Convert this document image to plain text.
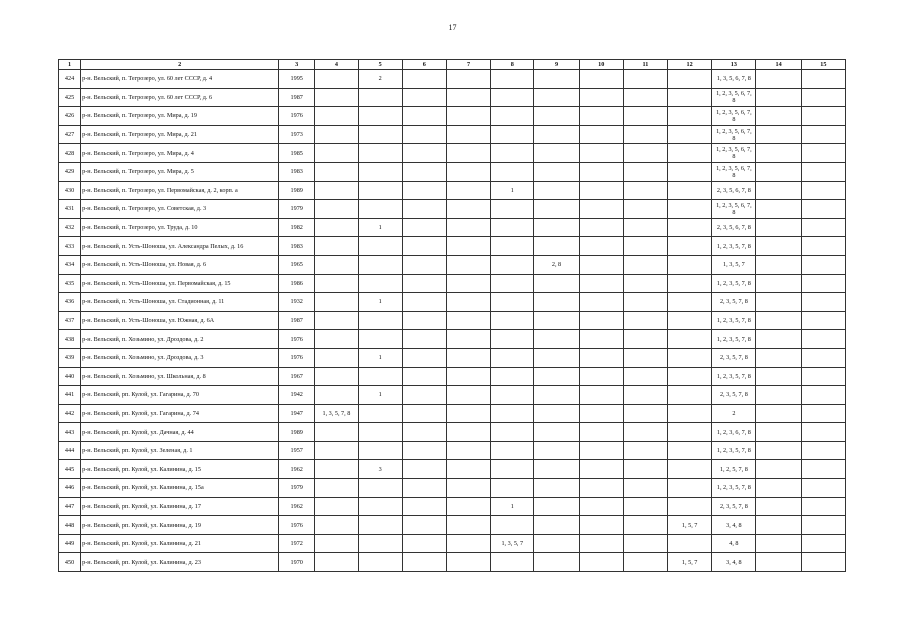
17
1	2	3	4	5	6	7	8	9	10	11	12	13	14	15
424	р-н. Вельский, п. Тегрозеро, ул. 60 лет СССР, д. 4	1995		2								1, 3, 5, 6, 7, 8		
425	р-н. Вельский, п. Тегрозеро, ул. 60 лет СССР, д. 6	1987										1, 2, 3, 5, 6, 7, 8		
426	р-н. Вельский, п. Тегрозеро, ул. Мира, д. 19	1976										1, 2, 3, 5, 6, 7, 8		
427	р-н. Вельский, п. Тегрозеро, ул. Мира, д. 21	1973										1, 2, 3, 5, 6, 7, 8		
428	р-н. Вельский, п. Тегрозеро, ул. Мира, д. 4	1985										1, 2, 3, 5, 6, 7, 8		
429	р-н. Вельский, п. Тегрозеро, ул. Мира, д. 5	1983										1, 2, 3, 5, 6, 7, 8		
430	р-н. Вельский, п. Тегрозеро, ул. Первомайская, д. 2, корп. а	1989					1					2, 3, 5, 6, 7, 8		
431	р-н. Вельский, п. Тегрозеро, ул. Советская, д. 3	1979										1, 2, 3, 5, 6, 7, 8		
432	р-н. Вельский, п. Тегрозеро, ул. Труда, д. 10	1982		1								2, 3, 5, 6, 7, 8		
433	р-н. Вельский, п. Усть-Шоноша, ул. Александра Пелых, д. 16	1983										1, 2, 3, 5, 7, 8		
434	р-н. Вельский, п. Усть-Шоноша, ул. Новая, д. 6	1965						2, 8				1, 3, 5, 7		
435	р-н. Вельский, п. Усть-Шоноша, ул. Первомайская, д. 15	1986										1, 2, 3, 5, 7, 8		
436	р-н. Вельский, п. Усть-Шоноша, ул. Стадионная, д. 11	1932		1								2, 3, 5, 7, 8		
437	р-н. Вельский, п. Усть-Шоноша, ул. Южная, д. 6А	1987										1, 2, 3, 5, 7, 8		
438	р-н. Вельский, п. Хозьмино, ул. Дроздова, д. 2	1976										1, 2, 3, 5, 7, 8		
439	р-н. Вельский, п. Хозьмино, ул. Дроздова, д. 3	1976		1								2, 3, 5, 7, 8		
440	р-н. Вельский, п. Хозьмино, ул. Школьная, д. 8	1967										1, 2, 3, 5, 7, 8		
441	р-н. Вельский, рп. Кулой, ул. Гагарина, д. 70	1942		1								2, 3, 5, 7, 8		
442	р-н. Вельский, рп. Кулой, ул. Гагарина, д. 74	1947	1, 3, 5, 7, 8									2		
443	р-н. Вельский, рп. Кулой, ул. Дачная, д. 44	1989										1, 2, 3, 6, 7, 8		
444	р-н. Вельский, рп. Кулой, ул. Зеленая, д. 1	1957										1, 2, 3, 5, 7, 8		
445	р-н. Вельский, рп. Кулой, ул. Калинина, д. 15	1962		3								1, 2, 5, 7, 8		
446	р-н. Вельский, рп. Кулой, ул. Калинина, д. 15а	1979										1, 2, 3, 5, 7, 8		
447	р-н. Вельский, рп. Кулой, ул. Калинина, д. 17	1962					1					2, 3, 5, 7, 8		
448	р-н. Вельский, рп. Кулой, ул. Калинина, д. 19	1976									1, 5, 7	3, 4, 8		
449	р-н. Вельский, рп. Кулой, ул. Калинина, д. 21	1972					1, 3, 5, 7					4, 8		
450	р-н. Вельский, рп. Кулой, ул. Калинина, д. 23	1970									1, 5, 7	3, 4, 8		
